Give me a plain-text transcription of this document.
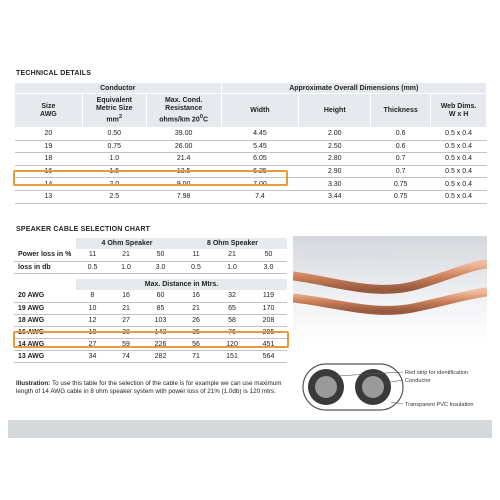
TECHNICAL DETAILS
Conductor			Approximate Overall Dimensions (mm)			
Size
AWG	Equivalent
Metric Size
$mm^2$	Max. Cond.
Resistance
ohms/km $20^0C$	Width	Height	Thickness	Web Dims.
W x H
20	0.50	39.00	4.45	2.00	0.6	0.5 x 0.4
19	0.75	26.00	5.45	2.50	0.6	0.5 x 0.4
18	1.0	21.4	6.05	2.80	0.7	0.5 x 0.4
16	1.5	13.5	6.25	2.90	0.7	0.5 x 0.4
14	2.0	9.00	7.00	3.30	0.75	0.5 x 0.4
13	2.5	7.98	7.4	3.44	0.75	0.5 x 0.4
SPEAKER CABLE SELECTION CHART
	4 Ohm Speaker			8 Ohm Speaker		
Power loss in %	11	21	50	11	21	50
loss in db	0.5	1.0	3.0	0.5	1.0	3.0

	Max. Distance in Mtrs.					
20 AWG	8	16	60	16	32	119
19 AWG	10	21	85	21	65	170
18 AWG	12	27	103	26	58	208
16 AWG	18	38	143	35	76	285
14 AWG	27	59	226	56	120	451
13 AWG	34	74	282	71	151	564
Illustration: To use this table for the selection of the cable is for example we can use maximum length of 14 AWG cable in 8 ohm speaker system with power loss of 21% (1.0db) is 120 mtrs.
Red strip for identification
Conductor
Transparent PVC Insulation
